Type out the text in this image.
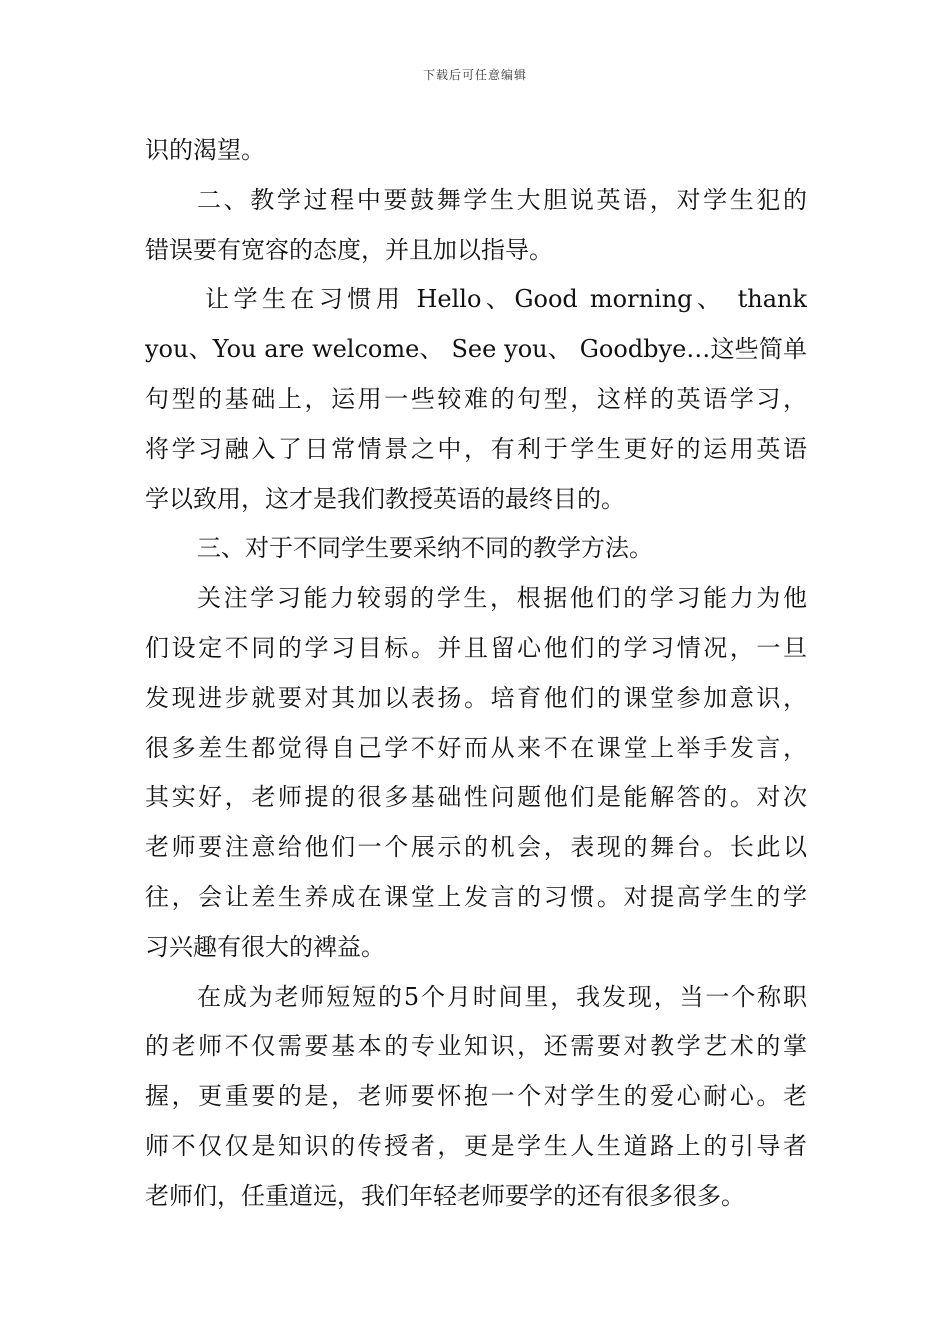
下载后可任意编辑
识的渴望。
二、教学过程中要鼓舞学生大胆说英语，对学生犯的
错误要有宽容的态度，并且加以指导。
让学生在习惯用 Hello、Good morning、 thank
you、You are welcome、 See you、 Goodbye…这些简单
句型的基础上，运用一些较难的句型，这样的英语学习，
将学习融入了日常情景之中，有利于学生更好的运用英语
学以致用，这才是我们教授英语的最终目的。
三、对于不同学生要采纳不同的教学方法。
关注学习能力较弱的学生，根据他们的学习能力为他
们设定不同的学习目标。并且留心他们的学习情况，一旦
发现进步就要对其加以表扬。培育他们的课堂参加意识，
很多差生都觉得自己学不好而从来不在课堂上举手发言，
其实好，老师提的很多基础性问题他们是能解答的。对次
老师要注意给他们一个展示的机会，表现的舞台。长此以
往，会让差生养成在课堂上发言的习惯。对提高学生的学
习兴趣有很大的裨益。
在成为老师短短的5个月时间里，我发现，当一个称职
的老师不仅需要基本的专业知识，还需要对教学艺术的掌
握，更重要的是，老师要怀抱一个对学生的爱心耐心。老
师不仅仅是知识的传授者，更是学生人生道路上的引导者
老师们，任重道远，我们年轻老师要学的还有很多很多。
